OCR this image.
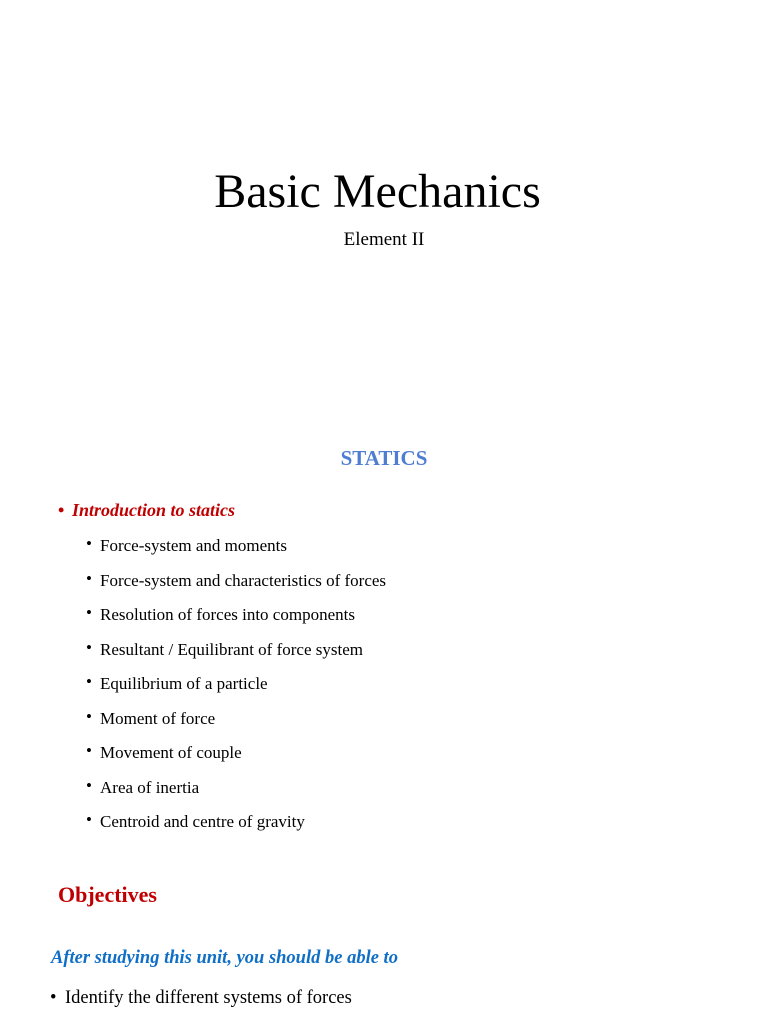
Basic Mechanics
Element II
STATICS
• Introduction to statics
• Force-system and moments
• Force-system and characteristics of forces
• Resolution of forces into components
• Resultant / Equilibrant of force system
• Equilibrium of a particle
• Moment of force
• Movement of couple
• Area of inertia
• Centroid and centre of gravity
Objectives
After studying this unit, you should be able to
• Identify the different systems of forces
